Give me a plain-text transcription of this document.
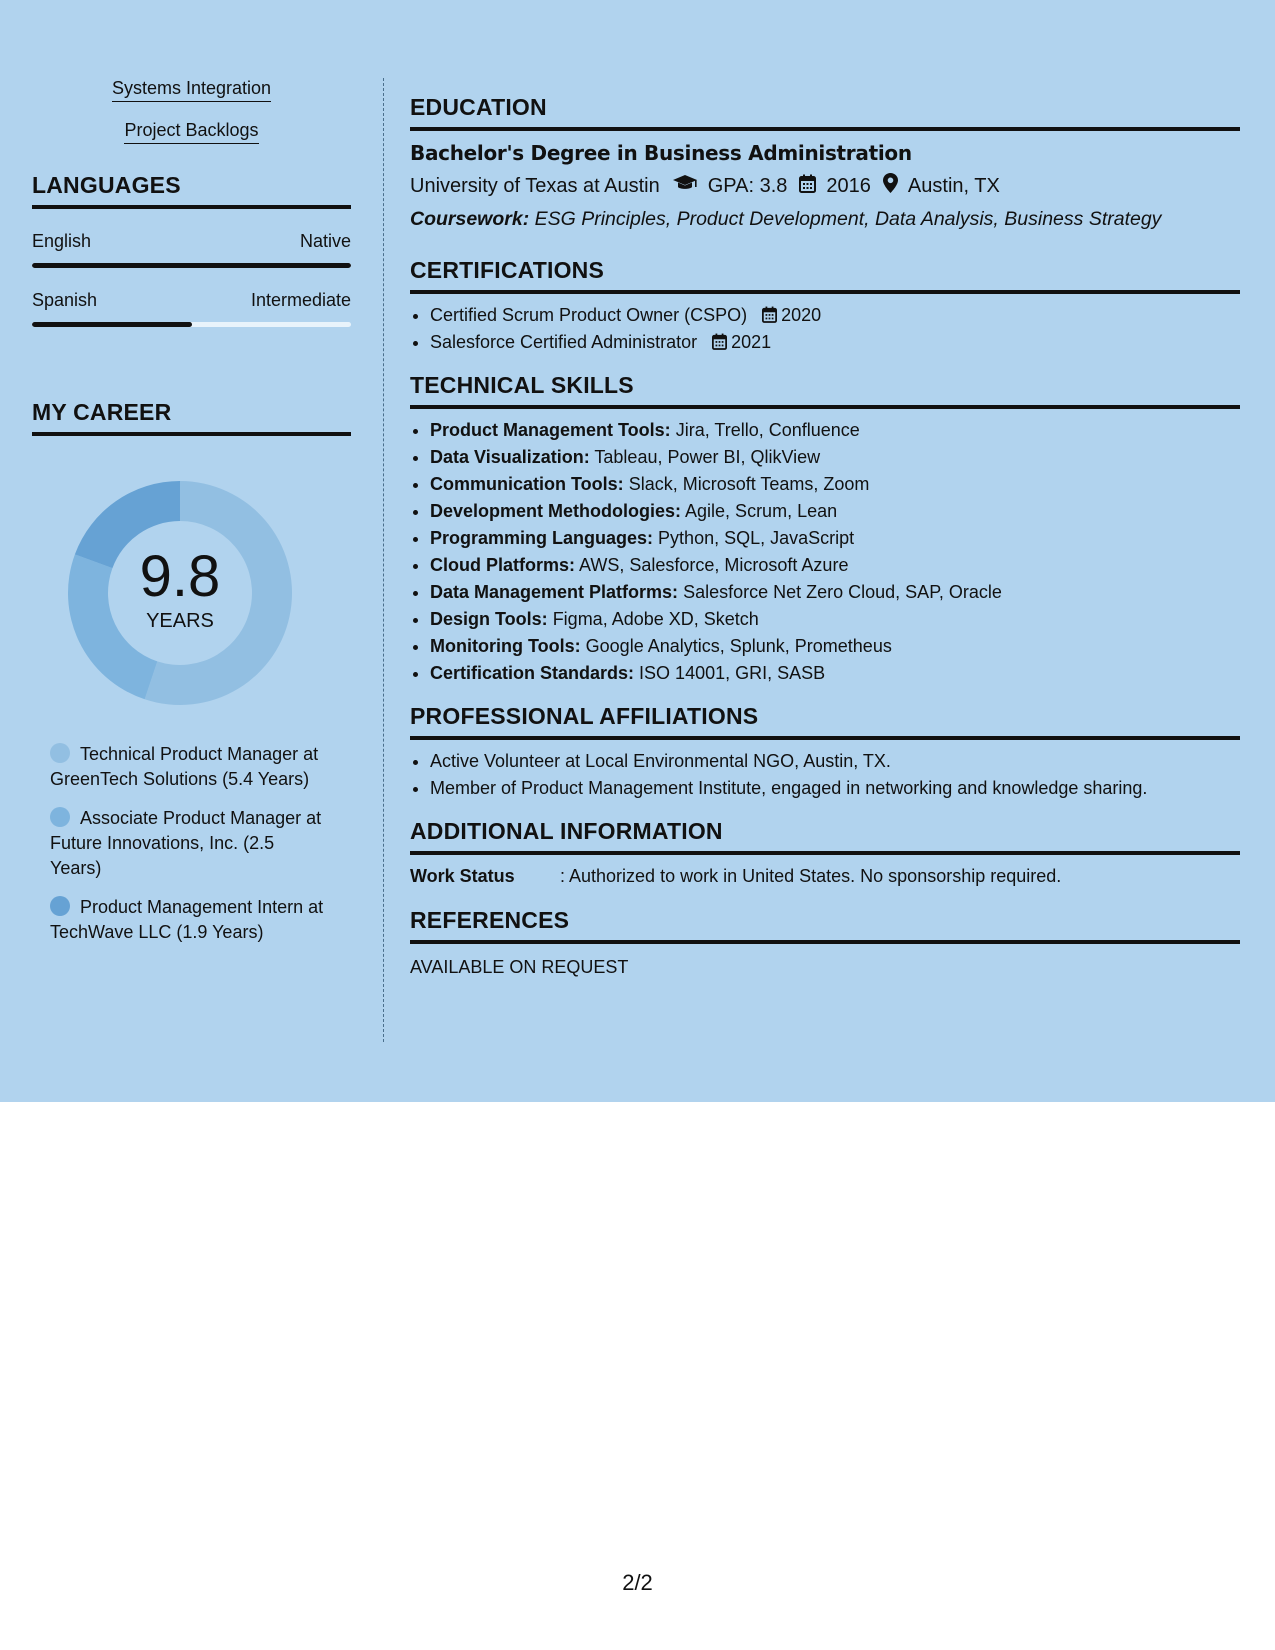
Systems Integration
Project Backlogs
LANGUAGES
English	Native
Spanish	Intermediate
MY CAREER
9.8
YEARS
Technical Product Manager at GreenTech Solutions (5.4 Years)
Associate Product Manager at Future Innovations, Inc. (2.5 Years)
Product Management Intern at TechWave LLC (1.9 Years)
EDUCATION
Bachelor's Degree in Business Administration
University of Texas at Austin GPA: 3.8 2016 Austin, TX
Coursework: ESG Principles, Product Development, Data Analysis, Business Strategy
CERTIFICATIONS
• Certified Scrum Product Owner (CSPO) 2020
• Salesforce Certified Administrator 2021
TECHNICAL SKILLS
• Product Management Tools: Jira, Trello, Confluence
• Data Visualization: Tableau, Power BI, QlikView
• Communication Tools: Slack, Microsoft Teams, Zoom
• Development Methodologies: Agile, Scrum, Lean
• Programming Languages: Python, SQL, JavaScript
• Cloud Platforms: AWS, Salesforce, Microsoft Azure
• Data Management Platforms: Salesforce Net Zero Cloud, SAP, Oracle
• Design Tools: Figma, Adobe XD, Sketch
• Monitoring Tools: Google Analytics, Splunk, Prometheus
• Certification Standards: ISO 14001, GRI, SASB
PROFESSIONAL AFFILIATIONS
• Active Volunteer at Local Environmental NGO, Austin, TX.
• Member of Product Management Institute, engaged in networking and knowledge sharing.
ADDITIONAL INFORMATION
Work Status	: Authorized to work in United States. No sponsorship required.
REFERENCES
AVAILABLE ON REQUEST
2/2
